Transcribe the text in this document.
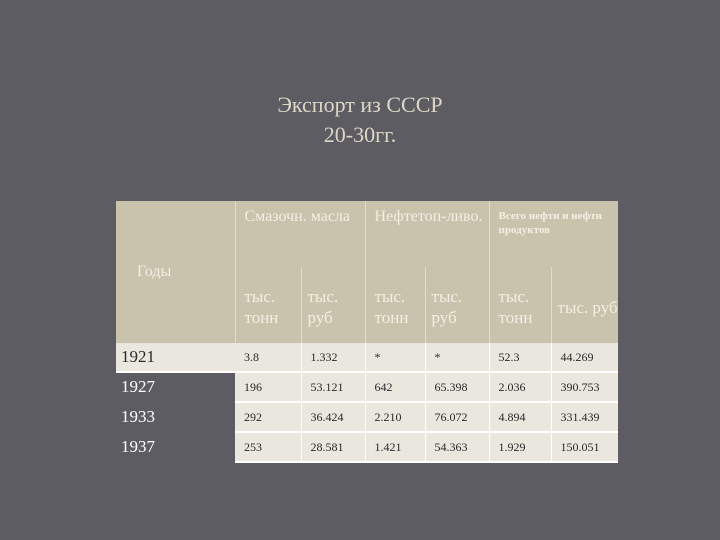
Экспорт из СССР
20-30гг.
Годы	Смазочн. масла		Нефтетоп-ливо.		Всего нефти и нефти продуктов	
	тыс. тонн	тыс. руб	тыс. тонн	тыс. руб	тыс. тонн	тыс. руб
1921	3.8	1.332	*	*	52.3	44.269
1927	196	53.121	642	65.398	2.036	390.753
1933	292	36.424	2.210	76.072	4.894	331.439
1937	253	28.581	1.421	54.363	1.929	150.051
